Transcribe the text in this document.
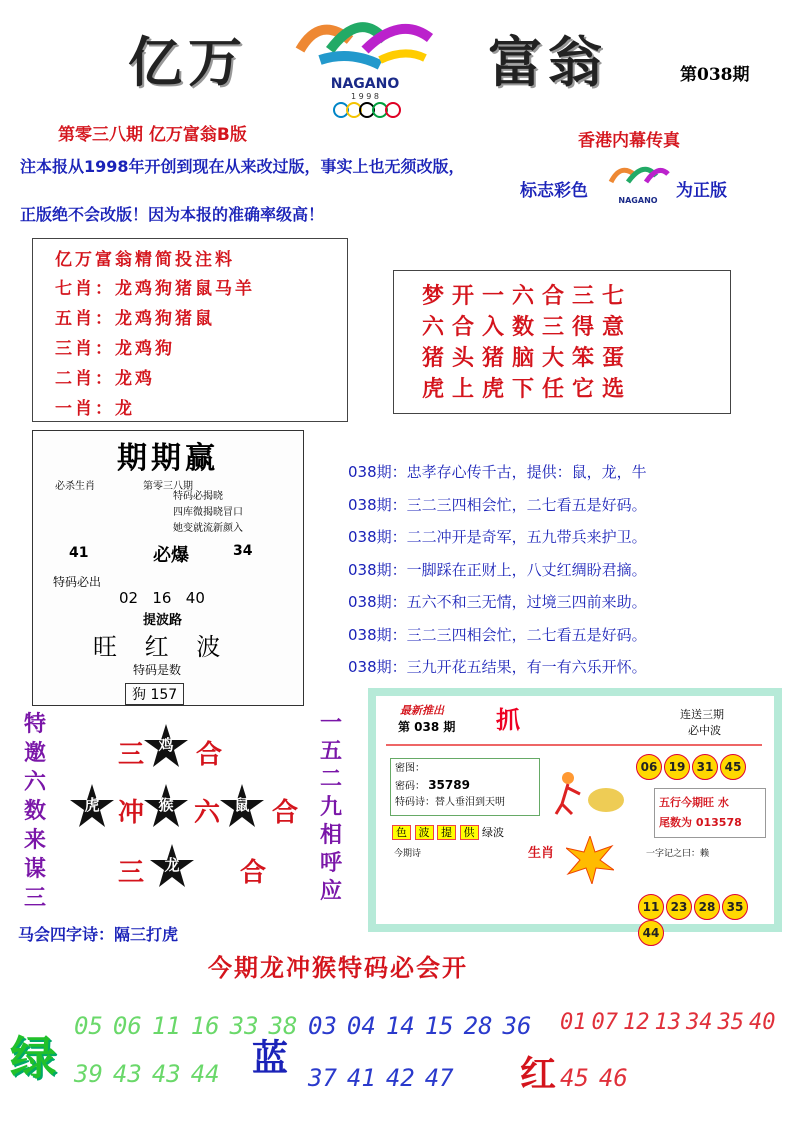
亿万	富翁	第038期
NAGANO
1 9 9 8
第零三八期 亿万富翁B版
注本报从1998年开创到现在从来改过版，事实上也无须改版，
正版绝不会改版！因为本报的准确率级高！
香港内幕传真
标志彩色	NAGANO	为正版
亿万富翁精简投注料
七肖：龙鸡狗猪鼠马羊
五肖：龙鸡狗猪鼠
三肖：龙鸡狗
二肖：龙鸡
一肖：龙
梦开一六合三七
六合入数三得意
猪头猪脑大笨蛋
虎上虎下任它选
期期赢
第零三八期
必杀生肖
特码必揭晓
四库微揭晓冒口
她变就流新颜入
41	必爆	34
特码必出
02   16   40
提波路
旺 红 波
特码是数
狗 157
038期：忠孝存心传千古，提供：鼠，龙，牛
038期：三二三四相会忙，二七看五是好码。
038期：二二冲开是奇军，五九带兵来护卫。
038期：一脚踩在正财上，八丈红绸盼君摘。
038期：五六不和三无情，过境三四前来助。
038期：三二三四相会忙，二七看五是好码。
038期：三九开花五结果，有一有六乐开怀。
特邀六数来谋三
一五二九相呼应
三 鸡 合
虎 冲 猴 六 鼠 合
三	龙	合
马会四字诗：隔三打虎
今期龙冲猴特码必会开
最新推出
第 038 期 抓	连送三期
必中波
06 19 31 45
密图：
密码： 35789
特码诗：替人垂泪到天明	五行今期旺 水
尾数为 013578
色 波 提 供 绿波
生肖
今期诗	一字记之曰：赖
11 23 28 3544
绿
05 06 11 16 33 38
39 43 43 44 蓝
03 04 14 15 28 36
37 41 42 47 红
01 07 12 13 34 35 40
45 46
